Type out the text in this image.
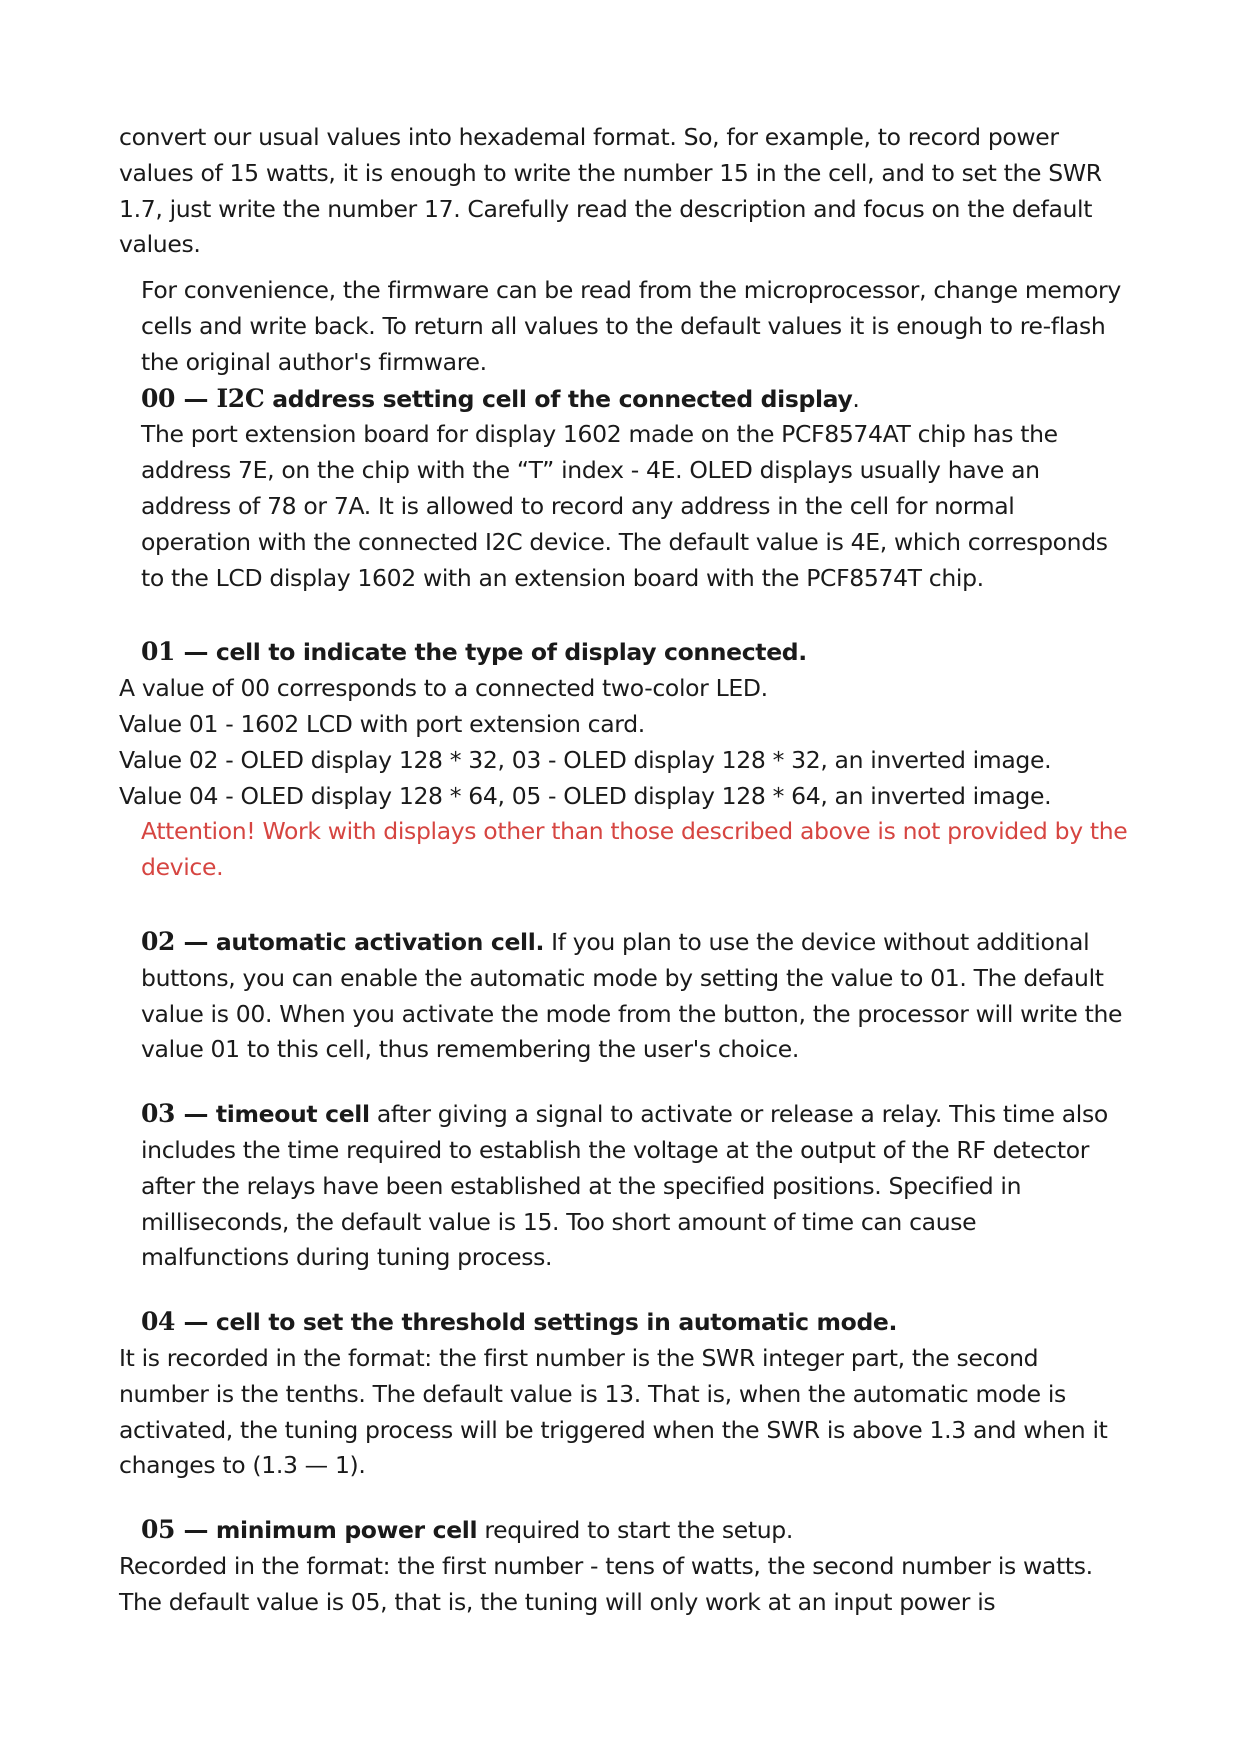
convert our usual values into hexademal format. So, for example, to record power values of 15 watts, it is enough to write the number 15 in the cell, and to set the SWR 1.7, just write the number 17. Carefully read the description and focus on the default values.

For convenience, the firmware can be read from the microprocessor, change memory cells and write back. To return all values to the default values it is enough to re-flash the original author's firmware.

00 — I2C address setting cell of the connected display.

The port extension board for display 1602 made on the PCF8574AT chip has the address 7E, on the chip with the “T” index - 4E. OLED displays usually have an address of 78 or 7A. It is allowed to record any address in the cell for normal operation with the connected I2C device. The default value is 4E, which corresponds to the LCD display 1602 with an extension board with the PCF8574T chip.

01 — cell to indicate the type of display connected.

A value of 00 corresponds to a connected two-color LED.

Value 01 - 1602 LCD with port extension card.

Value 02 - OLED display 128 * 32, 03 - OLED display 128 * 32, an inverted image.

Value 04 - OLED display 128 * 64, 05 - OLED display 128 * 64, an inverted image.

Attention! Work with displays other than those described above is not provided by the device.

02 — automatic activation cell. If you plan to use the device without additional buttons, you can enable the automatic mode by setting the value to 01. The default value is 00. When you activate the mode from the button, the processor will write the value 01 to this cell, thus remembering the user's choice.

03 — timeout cell after giving a signal to activate or release a relay. This time also includes the time required to establish the voltage at the output of the RF detector after the relays have been established at the specified positions. Specified in milliseconds, the default value is 15. Too short amount of time can cause malfunctions during tuning process.

04 — cell to set the threshold settings in automatic mode.

It is recorded in the format: the first number is the SWR integer part, the second number is the tenths. The default value is 13. That is, when the automatic mode is activated, the tuning process will be triggered when the SWR is above 1.3 and when it changes to (1.3 — 1).

05 — minimum power cell required to start the setup.

Recorded in the format: the first number - tens of watts, the second number is watts. The default value is 05, that is, the tuning will only work at an input power is
